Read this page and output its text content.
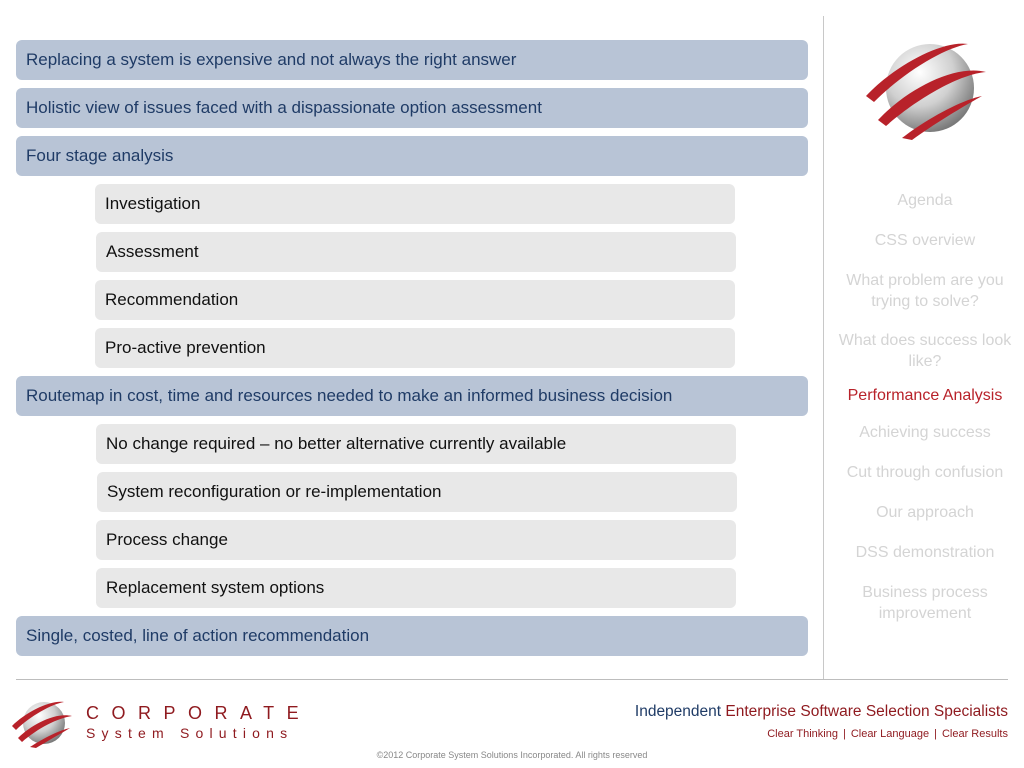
Replacing a system is expensive and not always the right answer
Holistic view of issues faced with a dispassionate option assessment
Four stage analysis
Investigation
Assessment
Recommendation
Pro-active prevention
Routemap in cost, time and resources needed to make an informed business decision
No change required – no better alternative currently available
System reconfiguration or re-implementation
Process change
Replacement system options
Single, costed, line of action recommendation
Agenda
CSS overview
What problem are you trying to solve?
What does success look like?
Performance Analysis
Achieving success
Cut through confusion
Our approach
DSS demonstration
Business process improvement
CORPORATE
System Solutions
Independent Enterprise Software Selection Specialists
Clear Thinking | Clear Language | Clear Results
©2012 Corporate System Solutions Incorporated. All rights reserved
